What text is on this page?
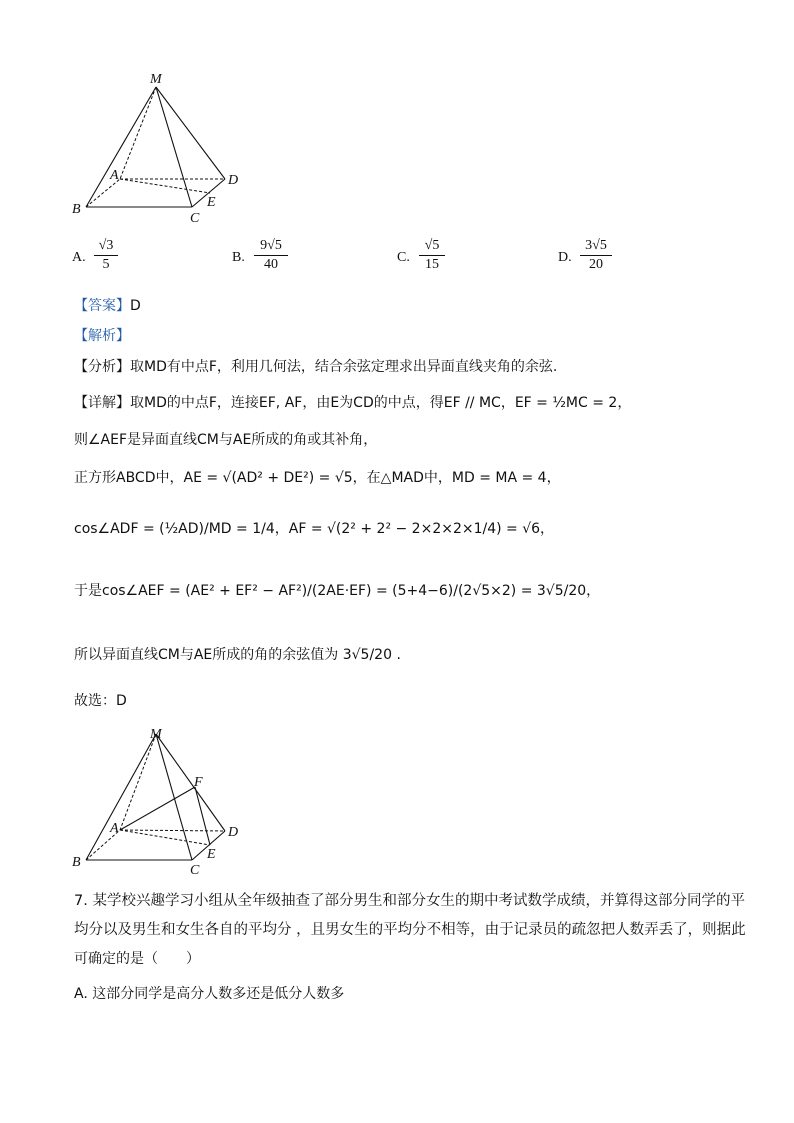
M
A
B
C
D
E
A.
√3
5	B.
9√5
40	C.
√5
15	D.
3√5
20
【答案】D
【解析】
【分析】取MD有中点F，利用几何法，结合余弦定理求出异面直线夹角的余弦.
【详解】取MD的中点F，连接EF, AF，由E为CD的中点，得EF // MC，EF = ½MC = 2，
则∠AEF是异面直线CM与AE所成的角或其补角，
正方形ABCD中，AE = √(AD² + DE²) = √5，在△MAD中，MD = MA = 4，
cos∠ADF = (½AD)/MD = 1/4，AF = √(2² + 2² − 2×2×2×1/4) = √6，
于是cos∠AEF = (AE² + EF² − AF²)/(2AE·EF) = (5+4−6)/(2√5×2) = 3√5/20，
所以异面直线CM与AE所成的角的余弦值为 3√5/20 .
故选：D
M
F
A
B
C
D
E
7. 某学校兴趣学习小组从全年级抽查了部分男生和部分女生的期中考试数学成绩，并算得这部分同学的平
均分以及男生和女生各自的平均分 ，且男女生的平均分不相等，由于记录员的疏忽把人数弄丢了，则据此
可确定的是（　　）
A. 这部分同学是高分人数多还是低分人数多
